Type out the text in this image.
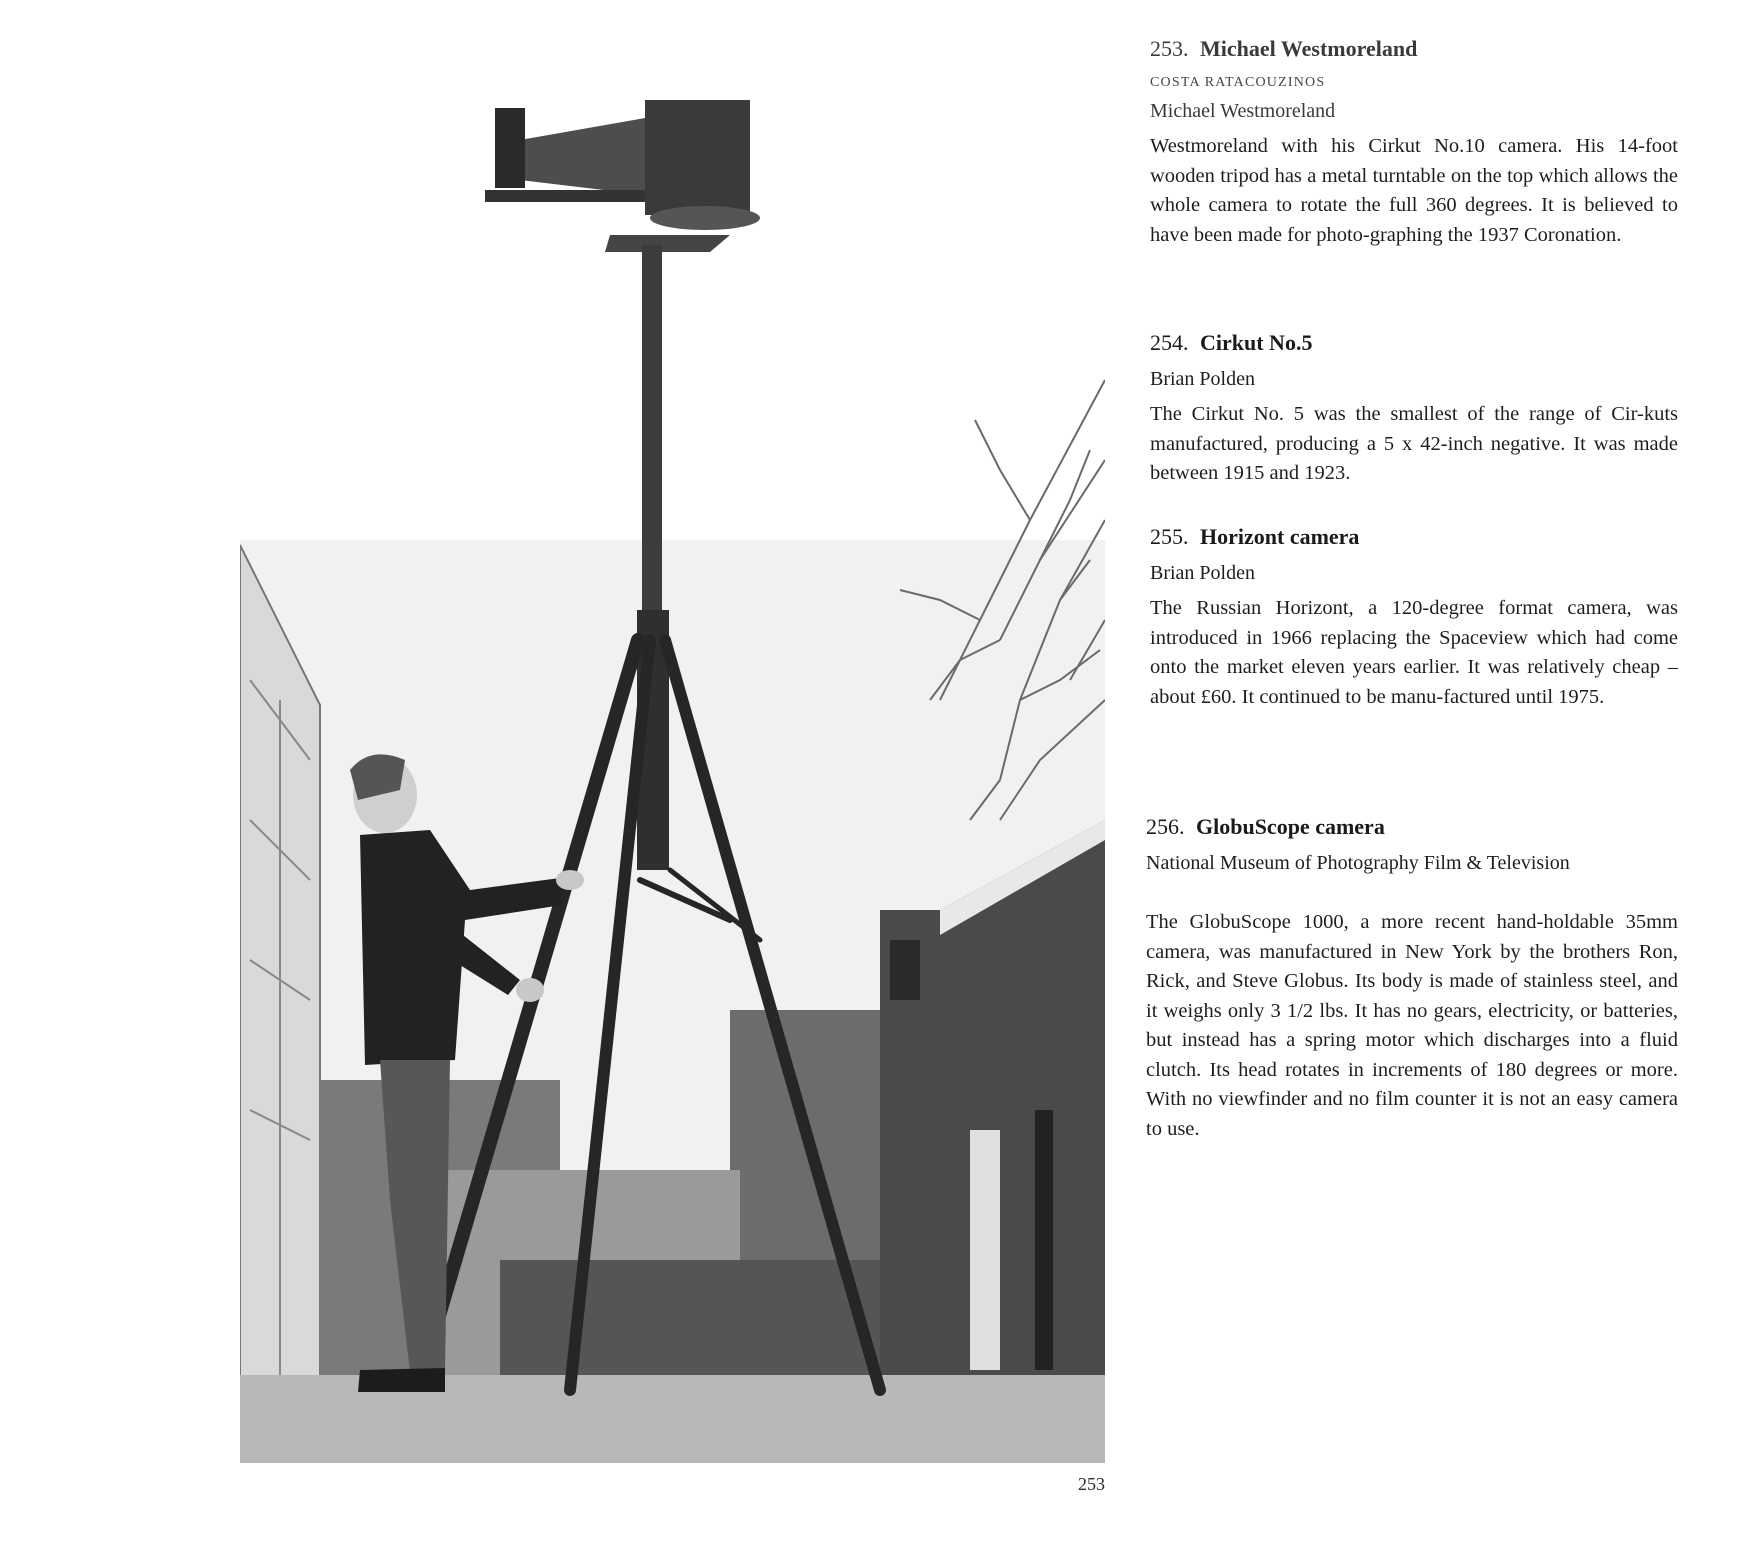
253

253. Michael Westmoreland

COSTA RATACOUZINOS

Michael Westmoreland

Westmoreland with his Cirkut No.10 camera. His 14-foot wooden tripod has a metal turntable on the top which allows the whole camera to rotate the full 360 degrees. It is believed to have been made for photo-graphing the 1937 Coronation.

254. Cirkut No.5

Brian Polden

The Cirkut No. 5 was the smallest of the range of Cir-kuts manufactured, producing a 5 x 42-inch negative. It was made between 1915 and 1923.

255. Horizont camera

Brian Polden

The Russian Horizont, a 120-degree format camera, was introduced in 1966 replacing the Spaceview which had come onto the market eleven years earlier. It was relatively cheap – about £60. It continued to be manu-factured until 1975.

256. GlobuScope camera

National Museum of Photography Film & Television

The GlobuScope 1000, a more recent hand-holdable 35mm camera, was manufactured in New York by the brothers Ron, Rick, and Steve Globus. Its body is made of stainless steel, and it weighs only 3 1/2 lbs. It has no gears, electricity, or batteries, but instead has a spring motor which discharges into a fluid clutch. Its head rotates in increments of 180 degrees or more. With no viewfinder and no film counter it is not an easy camera to use.
